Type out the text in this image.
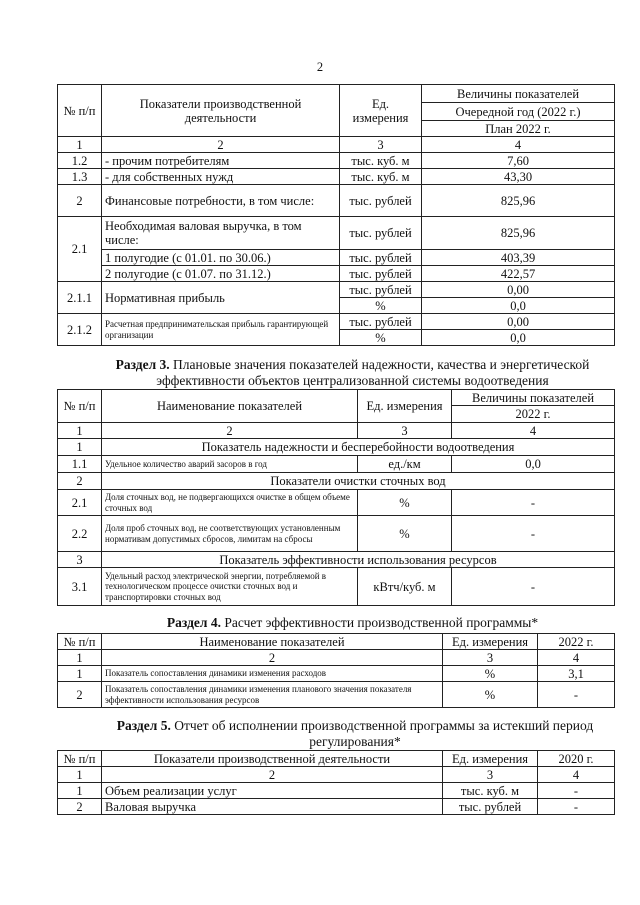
2
№ п/п	Показатели производственной деятельности	Ед. измерения	Величины показателей
			Очередной год (2022 г.)
			План 2022 г.
1	2	3	4
1.2	- прочим потребителям	тыс. куб. м	7,60
1.3	- для собственных нужд	тыс. куб. м	43,30
2	Финансовые потребности, в том числе:	тыс. рублей	825,96
2.1	Необходимая валовая выручка, в том числе:	тыс. рублей	825,96
	1 полугодие (с 01.01. по 30.06.)	тыс. рублей	403,39
	2 полугодие (с 01.07. по 31.12.)	тыс. рублей	422,57
2.1.1	Нормативная прибыль	тыс. рублей	0,00
		%	0,0
2.1.2	Расчетная предпринимательская прибыль гарантирующей организации	тыс. рублей	0,00
		%	0,0
Раздел 3. Плановые значения показателей надежности, качества и энергетической эффективности объектов централизованной системы водоотведения
№ п/п	Наименование показателей	Ед. измерения	Величины показателей
			2022 г.
1	2	3	4
1	Показатель надежности и бесперебойности водоотведения		
1.1	Удельное количество аварий засоров в год	ед./км	0,0
2	Показатели очистки сточных вод		
2.1	Доля сточных вод, не подвергающихся очистке в общем объеме сточных вод	%	-
2.2	Доля проб сточных вод, не соответствующих установленным нормативам допустимых сбросов, лимитам на сбросы	%	-
3	Показатель эффективности использования ресурсов		
3.1	Удельный расход электрической энергии, потребляемой в технологическом процессе очистки сточных вод и транспортировки сточных вод	кВтч/куб. м	-
Раздел 4. Расчет эффективности производственной программы*
№ п/п	Наименование показателей	Ед. измерения	2022 г.
1	2	3	4
1	Показатель сопоставления динамики изменения расходов	%	3,1
2	Показатель сопоставления динамики изменения планового значения показателя эффективности использования ресурсов	%	-
Раздел 5. Отчет об исполнении производственной программы за истекший период регулирования*
№ п/п	Показатели производственной деятельности	Ед. измерения	2020 г.
1	2	3	4
1	Объем реализации услуг	тыс. куб. м	-
2	Валовая выручка	тыс. рублей	-
